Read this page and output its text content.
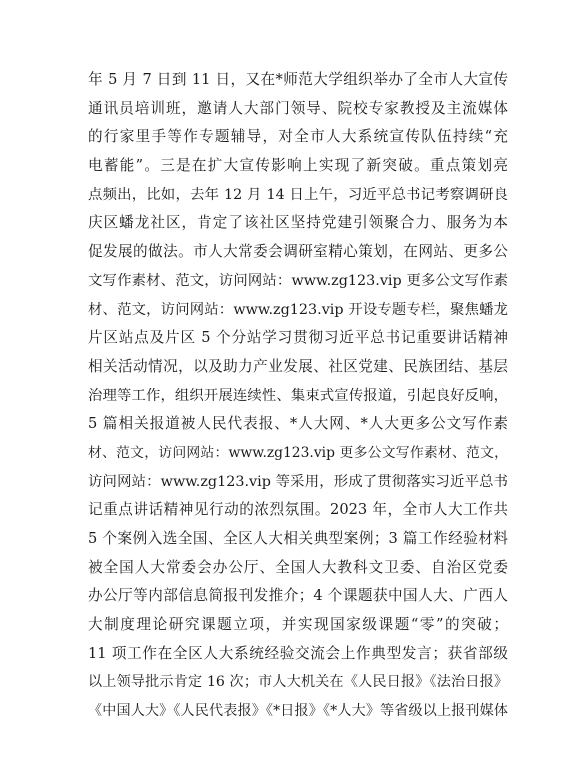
年 5 月 7 日到 11 日，又在*师范大学组织举办了全市人大宣传
通讯员培训班，邀请人大部门领导、院校专家教授及主流媒体
的行家里手等作专题辅导，对全市人大系统宣传队伍持续“充
电蓄能”。三是在扩大宣传影响上实现了新突破。重点策划亮
点频出，比如，去年 12 月 14 日上午，习近平总书记考察调研良
庆区蟠龙社区，肯定了该社区坚持党建引领聚合力、服务为本
促发展的做法。市人大常委会调研室精心策划，在网站、更多公
文写作素材、范文，访问网站：www.zg123.vip 更多公文写作素
材、范文，访问网站：www.zg123.vip 开设专题专栏，聚焦蟠龙
片区站点及片区 5 个分站学习贯彻习近平总书记重要讲话精神
相关活动情况，以及助力产业发展、社区党建、民族团结、基层
治理等工作，组织开展连续性、集束式宣传报道，引起良好反响，
5 篇相关报道被人民代表报、*人大网、*人大更多公文写作素
材、范文，访问网站：www.zg123.vip 更多公文写作素材、范文，
访问网站：www.zg123.vip 等采用，形成了贯彻落实习近平总书
记重点讲话精神见行动的浓烈氛围。2023 年，全市人大工作共
5 个案例入选全国、全区人大相关典型案例；3 篇工作经验材料
被全国人大常委会办公厅、全国人大教科文卫委、自治区党委
办公厅等内部信息简报刊发推介；4 个课题获中国人大、广西人
大制度理论研究课题立项，并实现国家级课题“零”的突破；
11 项工作在全区人大系统经验交流会上作典型发言；获省部级
以上领导批示肯定 16 次；市人大机关在《人民日报》《法治日报》
《中国人大》《人民代表报》《*日报》《*人大》等省级以上报刊媒体
